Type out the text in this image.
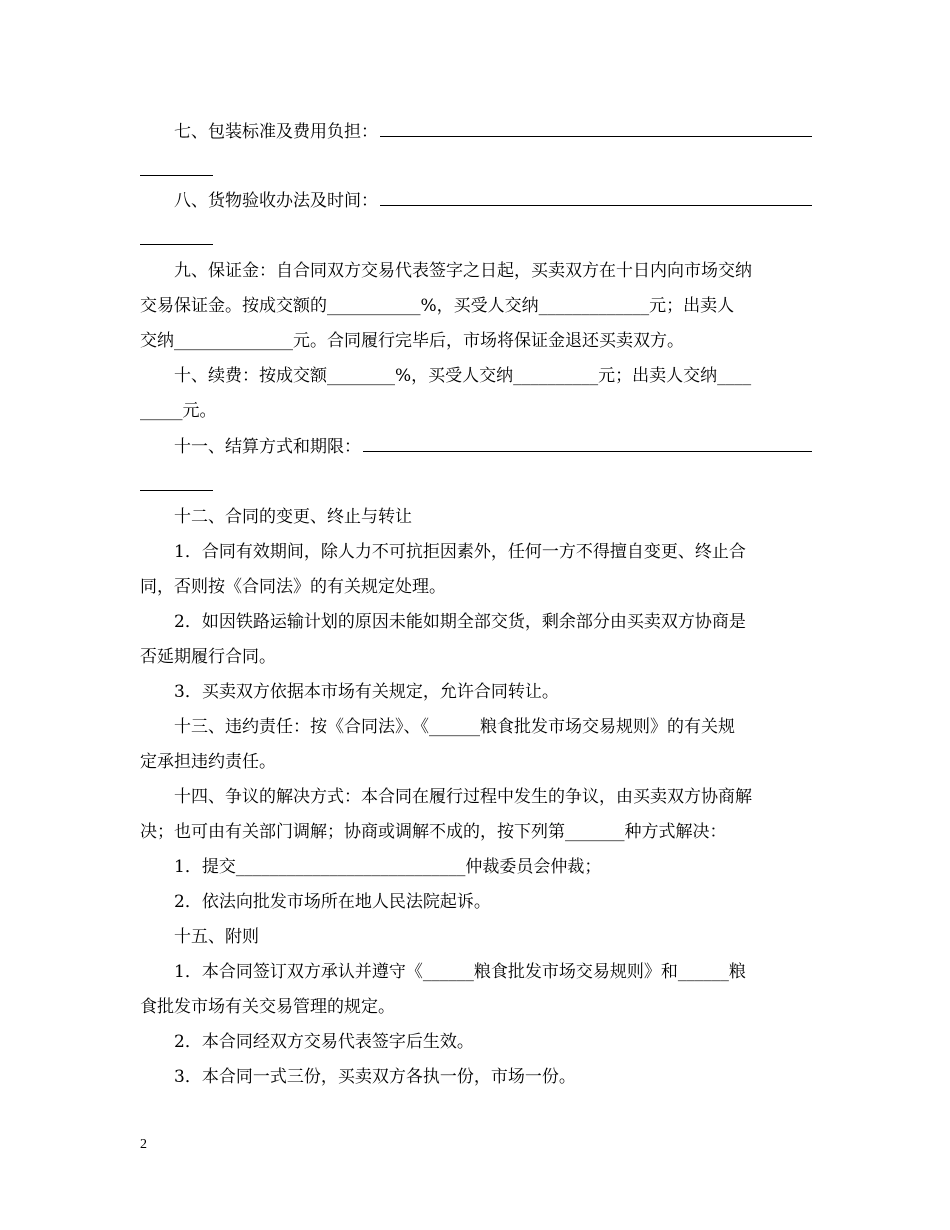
七、包装标准及费用负担：
八、货物验收办法及时间：
九、保证金：自合同双方交易代表签字之日起，买卖双方在十日内向市场交纳
交易保证金。按成交额的___________%，买受人交纳_____________元；出卖人
交纳______________元。合同履行完毕后，市场将保证金退还买卖双方。
十、续费：按成交额________%，买受人交纳__________元；出卖人交纳____
_____元。
十一、结算方式和期限：
十二、合同的变更、终止与转让
1．合同有效期间，除人力不可抗拒因素外，任何一方不得擅自变更、终止合
同，否则按《合同法》的有关规定处理。
2．如因铁路运输计划的原因未能如期全部交货，剩余部分由买卖双方协商是
否延期履行合同。
3．买卖双方依据本市场有关规定，允许合同转让。
十三、违约责任：按《合同法》、《______粮食批发市场交易规则》的有关规
定承担违约责任。
十四、争议的解决方式：本合同在履行过程中发生的争议，由买卖双方协商解
决；也可由有关部门调解；协商或调解不成的，按下列第_______种方式解决：
1．提交___________________________仲裁委员会仲裁；
2．依法向批发市场所在地人民法院起诉。
十五、附则
1．本合同签订双方承认并遵守《______粮食批发市场交易规则》和______粮
食批发市场有关交易管理的规定。
2．本合同经双方交易代表签字后生效。
3．本合同一式三份，买卖双方各执一份，市场一份。
2
